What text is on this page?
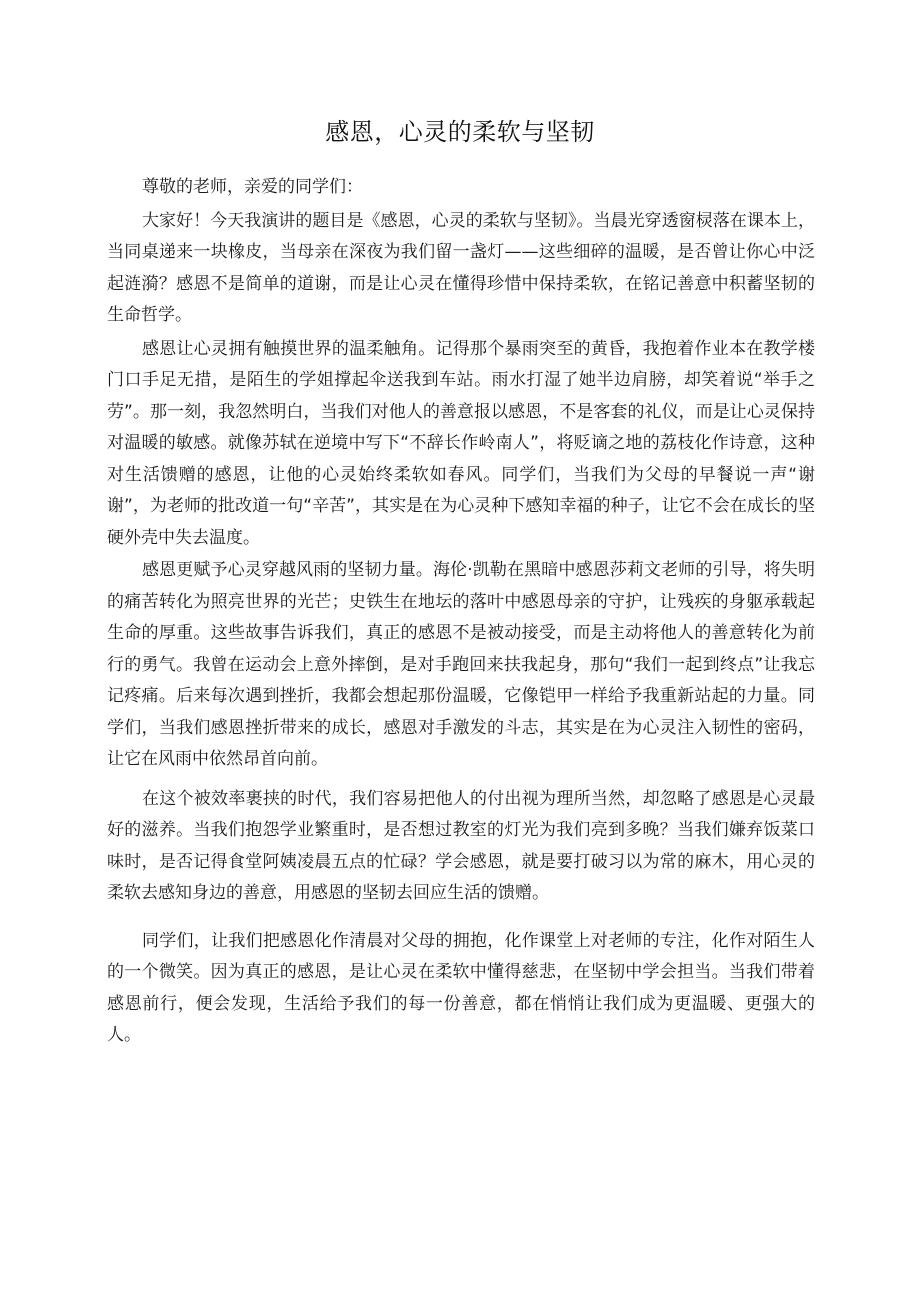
感恩，心灵的柔软与坚韧

尊敬的老师，亲爱的同学们：

大家好！今天我演讲的题目是《感恩，心灵的柔软与坚韧》。当晨光穿透窗棂落在课本上，当同桌递来一块橡皮，当母亲在深夜为我们留一盏灯——这些细碎的温暖，是否曾让你心中泛起涟漪？感恩不是简单的道谢，而是让心灵在懂得珍惜中保持柔软，在铭记善意中积蓄坚韧的生命哲学。

感恩让心灵拥有触摸世界的温柔触角。记得那个暴雨突至的黄昏，我抱着作业本在教学楼门口手足无措，是陌生的学姐撑起伞送我到车站。雨水打湿了她半边肩膀，却笑着说“举手之劳”。那一刻，我忽然明白，当我们对他人的善意报以感恩，不是客套的礼仪，而是让心灵保持对温暖的敏感。就像苏轼在逆境中写下“不辞长作岭南人”，将贬谪之地的荔枝化作诗意，这种对生活馈赠的感恩，让他的心灵始终柔软如春风。同学们，当我们为父母的早餐说一声“谢谢”，为老师的批改道一句“辛苦”，其实是在为心灵种下感知幸福的种子，让它不会在成长的坚硬外壳中失去温度。

感恩更赋予心灵穿越风雨的坚韧力量。海伦·凯勒在黑暗中感恩莎莉文老师的引导，将失明的痛苦转化为照亮世界的光芒；史铁生在地坛的落叶中感恩母亲的守护，让残疾的身躯承载起生命的厚重。这些故事告诉我们，真正的感恩不是被动接受，而是主动将他人的善意转化为前行的勇气。我曾在运动会上意外摔倒，是对手跑回来扶我起身，那句“我们一起到终点”让我忘记疼痛。后来每次遇到挫折，我都会想起那份温暖，它像铠甲一样给予我重新站起的力量。同学们，当我们感恩挫折带来的成长，感恩对手激发的斗志，其实是在为心灵注入韧性的密码，让它在风雨中依然昂首向前。

在这个被效率裹挟的时代，我们容易把他人的付出视为理所当然，却忽略了感恩是心灵最好的滋养。当我们抱怨学业繁重时，是否想过教室的灯光为我们亮到多晚？当我们嫌弃饭菜口味时，是否记得食堂阿姨凌晨五点的忙碌？学会感恩，就是要打破习以为常的麻木，用心灵的柔软去感知身边的善意，用感恩的坚韧去回应生活的馈赠。

同学们，让我们把感恩化作清晨对父母的拥抱，化作课堂上对老师的专注，化作对陌生人的一个微笑。因为真正的感恩，是让心灵在柔软中懂得慈悲，在坚韧中学会担当。当我们带着感恩前行，便会发现，生活给予我们的每一份善意，都在悄悄让我们成为更温暖、更强大的人。
